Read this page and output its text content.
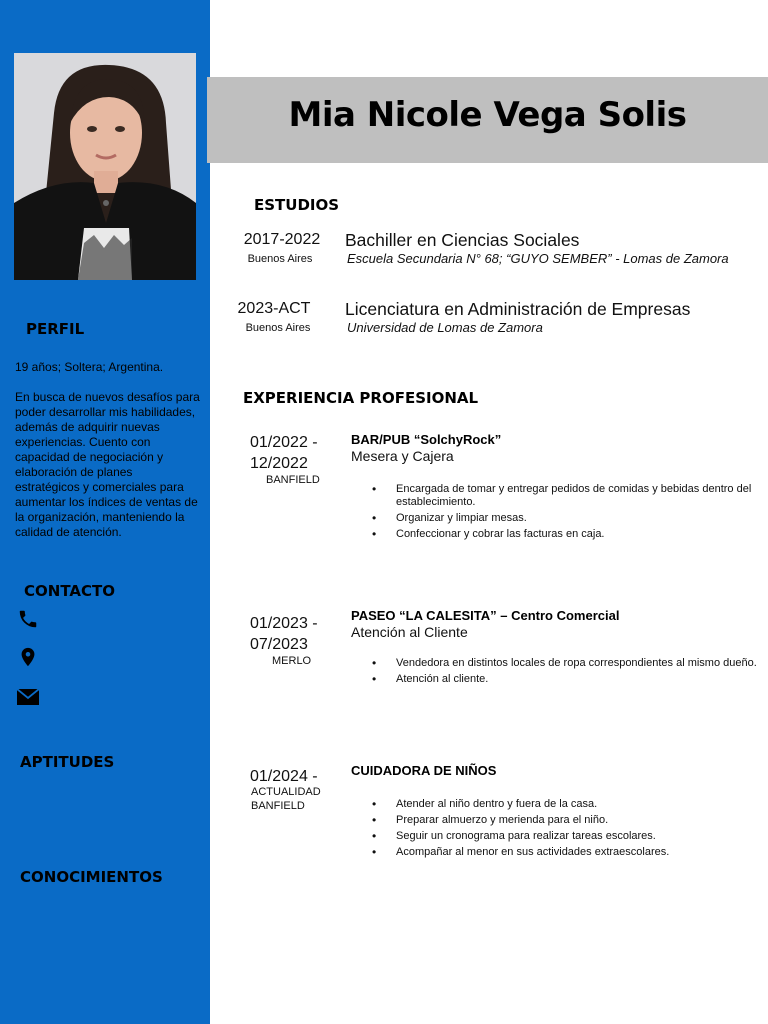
PERFIL
19 años; Soltera; Argentina.
En busca de nuevos desafíos para poder desarrollar mis habilidades, además de adquirir nuevas experiencias. Cuento con capacidad de negociación y elaboración de planes estratégicos y comerciales para aumentar los índices de ventas de la organización, manteniendo la calidad de atención.
CONTACTO
APTITUDES
CONOCIMIENTOS
Mia Nicole Vega Solis
ESTUDIOS
2017-2022
Buenos Aires
Bachiller en Ciencias Sociales
Escuela Secundaria N° 68; “GUYO SEMBER” - Lomas de Zamora
2023-ACT
Buenos Aires
Licenciatura en Administración de Empresas
Universidad de Lomas de Zamora
EXPERIENCIA PROFESIONAL
01/2022 -
12/2022
BANFIELD
BAR/PUB “SolchyRock”
Mesera y Cajera
• Encargada de tomar y entregar pedidos de comidas y bebidas dentro del establecimiento.
• Organizar y limpiar mesas.
• Confeccionar y cobrar las facturas en caja.
01/2023 -
07/2023
MERLO
PASEO “LA CALESITA” – Centro Comercial
Atención al Cliente
• Vendedora en distintos locales de ropa correspondientes al mismo dueño.
• Atención al cliente.
01/2024 -
ACTUALIDAD
BANFIELD
CUIDADORA DE NIÑOS
• Atender al niño dentro y fuera de la casa.
• Preparar almuerzo y merienda para el niño.
• Seguir un cronograma para realizar tareas escolares.
• Acompañar al menor en sus actividades extraescolares.
